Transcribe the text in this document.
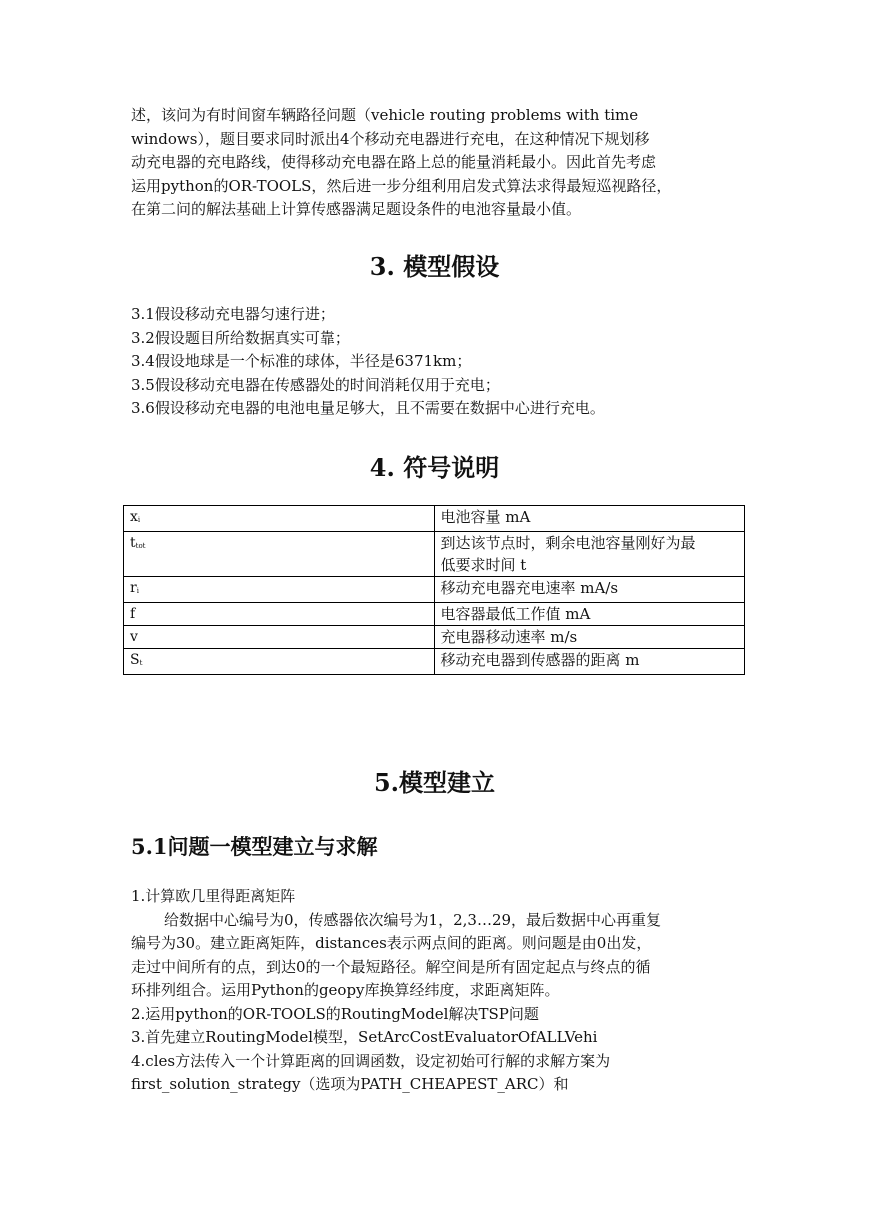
述，该问为有时间窗车辆路径问题（vehicle routing problems with time

windows），题目要求同时派出4个移动充电器进行充电，在这种情况下规划移

动充电器的充电路线，使得移动充电器在路上总的能量消耗最小。因此首先考虑

运用python的OR-TOOLS，然后进一步分组利用启发式算法求得最短巡视路径，

在第二问的解法基础上计算传感器满足题设条件的电池容量最小值。

3. 模型假设

3.1假设移动充电器匀速行进；

3.2假设题目所给数据真实可靠；

3.4假设地球是一个标准的球体，半径是6371km；

3.5假设移动充电器在传感器处的时间消耗仅用于充电；

3.6假设移动充电器的电池电量足够大，且不需要在数据中心进行充电。

4. 符号说明
$x_i$	电池容量 mA
$t_{tot}$	到达该节点时，剩余电池容量刚好为最
低要求时间 t
$r_i$	移动充电器充电速率 mA/s
f	电容器最低工作值 mA
v	充电器移动速率 m/s
$S_t$	移动充电器到传感器的距离 m
5.模型建立
5.1问题一模型建立与求解

1.计算欧几里得距离矩阵

给数据中心编号为0，传感器依次编号为1，2,3…29，最后数据中心再重复

编号为30。建立距离矩阵，distances表示两点间的距离。则问题是由0出发，

走过中间所有的点，到达0的一个最短路径。解空间是所有固定起点与终点的循

环排列组合。运用Python的geopy库换算经纬度，求距离矩阵。

2.运用python的OR-TOOLS的RoutingModel解决TSP问题

3.首先建立RoutingModel模型，SetArcCostEvaluatorOfALLVehi

4.cles方法传入一个计算距离的回调函数，设定初始可行解的求解方案为

first_solution_strategy（选项为PATH_CHEAPEST_ARC）和
